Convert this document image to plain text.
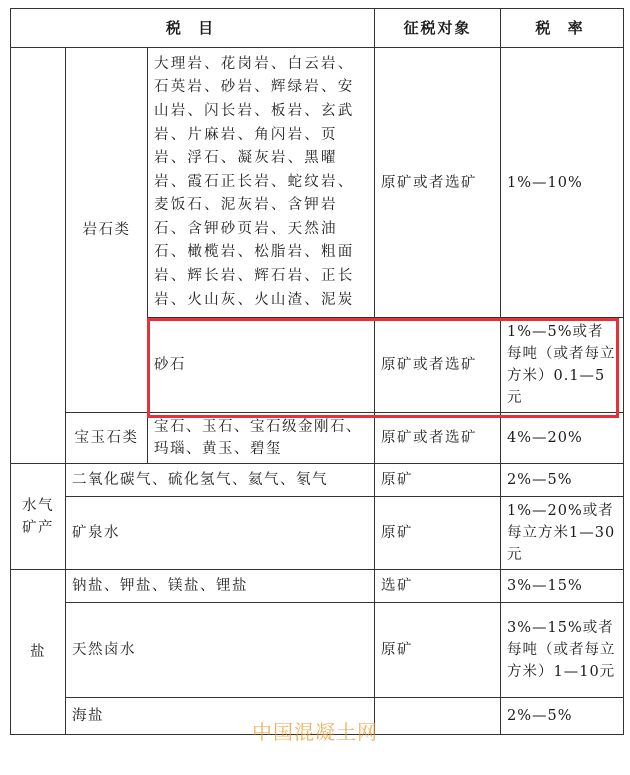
税 目			征税对象	税 率
	岩石类	大理岩、花岗岩、白云岩、石英岩、砂岩、辉绿岩、安山岩、闪长岩、板岩、玄武岩、片麻岩、角闪岩、页岩、浮石、凝灰岩、黑曜岩、霞石正长岩、蛇纹岩、麦饭石、泥灰岩、含钾岩石、含钾砂页岩、天然油石、橄榄岩、松脂岩、粗面岩、辉长岩、辉石岩、正长岩、火山灰、火山渣、泥炭	原矿或者选矿	1%—10%
		砂石	原矿或者选矿	1%—5%或者每吨（或者每立方米）0.1—5元
	宝玉石类	宝石、玉石、宝石级金刚石、玛瑙、黄玉、碧玺	原矿或者选矿	4%—20%
水气矿产	二氧化碳气、硫化氢气、氦气、氡气		原矿	2%—5%
	矿泉水		原矿	1%—20%或者每立方米1—30元
盐	钠盐、钾盐、镁盐、锂盐		选矿	3%—15%
	天然卤水		原矿	3%—15%或者每吨（或者每立方米）1—10元
	海盐			2%—5%
中国混凝土网
